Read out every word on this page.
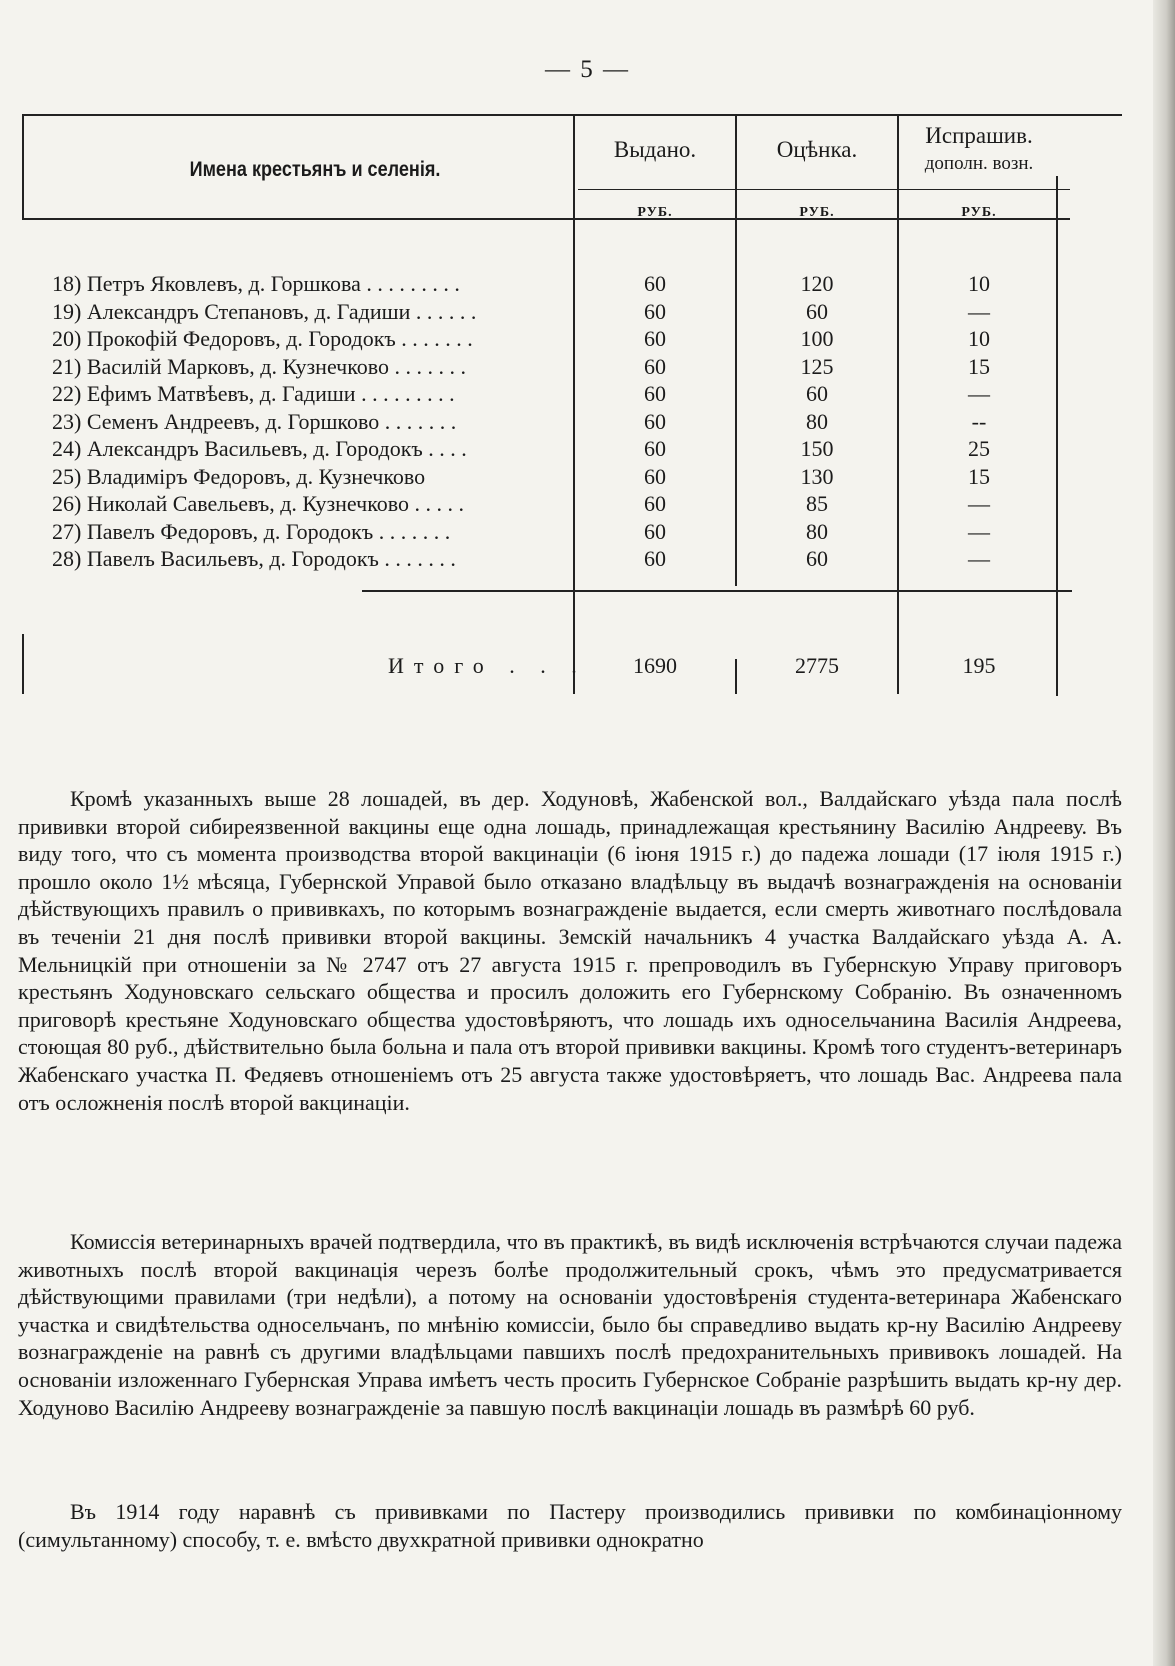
— 5 —
Имена крестьянъ и селенія.
Выдано.	Оцѣнка.
Испрашив.
дополн. возн.
РУБ.	РУБ.	РУБ.
18) Петръ Яковлевъ, д. Горшкова . . . . . . . . .	60	120	10
19) Александръ Степановъ, д. Гадиши . . . . . .	60	60	—
20) Прокофій Федоровъ, д. Городокъ . . . . . . .	60	100	10
21) Василій Марковъ, д. Кузнечково . . . . . . .	60	125	15
22) Ефимъ Матвѣевъ, д. Гадиши . . . . . . . . .	60	60	—
23) Семенъ Андреевъ, д. Горшково . . . . . . .	60	80	--
24) Александръ Васильевъ, д. Городокъ . . . .	60	150	25
25) Владиміръ Федоровъ, д. Кузнечково	60	130	15
26) Николай Савельевъ, д. Кузнечково . . . . .	60	85	—
27) Павелъ Федоровъ, д. Городокъ . . . . . . .	60	80	—
28) Павелъ Васильевъ, д. Городокъ . . . . . . .	60	60	—
Итого . . .	1690	2775	195

Кромѣ указанныхъ выше 28 лошадей, въ дер. Ходуновѣ, Жабенской вол., Валдайскаго уѣзда пала послѣ прививки второй сибиреязвенной вакцины еще одна лошадь, принадлежащая крестьянину Василію Андрееву. Въ виду того, что съ момента производства второй вакцинаціи (6 іюня 1915 г.) до падежа лошади (17 іюля 1915 г.) прошло около 1½ мѣсяца, Губернской Управой было отказано владѣльцу въ выдачѣ вознагражденія на основаніи дѣйствующихъ правилъ о прививкахъ, по которымъ вознагражденіе выдается, если смерть животнаго послѣдовала въ теченіи 21 дня послѣ прививки второй вакцины. Земскій начальникъ 4 участка Валдайскаго уѣзда А. А. Мельницкій при отношеніи за № 2747 отъ 27 августа 1915 г. препроводилъ въ Губернскую Управу приговоръ крестьянъ Ходуновскаго сельскаго общества и просилъ доложить его Губернскому Собранію. Въ означенномъ приговорѣ крестьяне Ходуновскаго общества удостовѣряютъ, что лошадь ихъ односельчанина Василія Андреева, стоющая 80 руб., дѣйствительно была больна и пала отъ второй прививки вакцины. Кромѣ того студентъ-ветеринаръ Жабенскаго участка П. Федяевъ отношеніемъ отъ 25 августа также удостовѣряетъ, что лошадь Вас. Андреева пала отъ осложненія послѣ второй вакцинаціи.

Комиссія ветеринарныхъ врачей подтвердила, что въ практикѣ, въ видѣ исключенія встрѣчаются случаи падежа животныхъ послѣ второй вакцинація черезъ болѣе продолжительный срокъ, чѣмъ это предусматривается дѣйствующими правилами (три недѣли), а потому на основаніи удостовѣренія студента-ветеринара Жабенскаго участка и свидѣтельства односельчанъ, по мнѣнію комиссіи, было бы справедливо выдать кр-ну Василію Андрееву вознагражденіе на равнѣ съ другими владѣльцами павшихъ послѣ предохранительныхъ прививокъ лошадей. На основаніи изложеннаго Губернская Управа имѣетъ честь просить Губернское Собраніе разрѣшить выдать кр-ну дер. Ходуново Василію Андрееву вознагражденіе за павшую послѣ вакцинаціи лошадь въ размѣрѣ 60 руб.

Въ 1914 году наравнѣ съ прививками по Пастеру производились прививки по комбинаціонному (симультанному) способу, т. е. вмѣсто двухкратной прививки однократно
